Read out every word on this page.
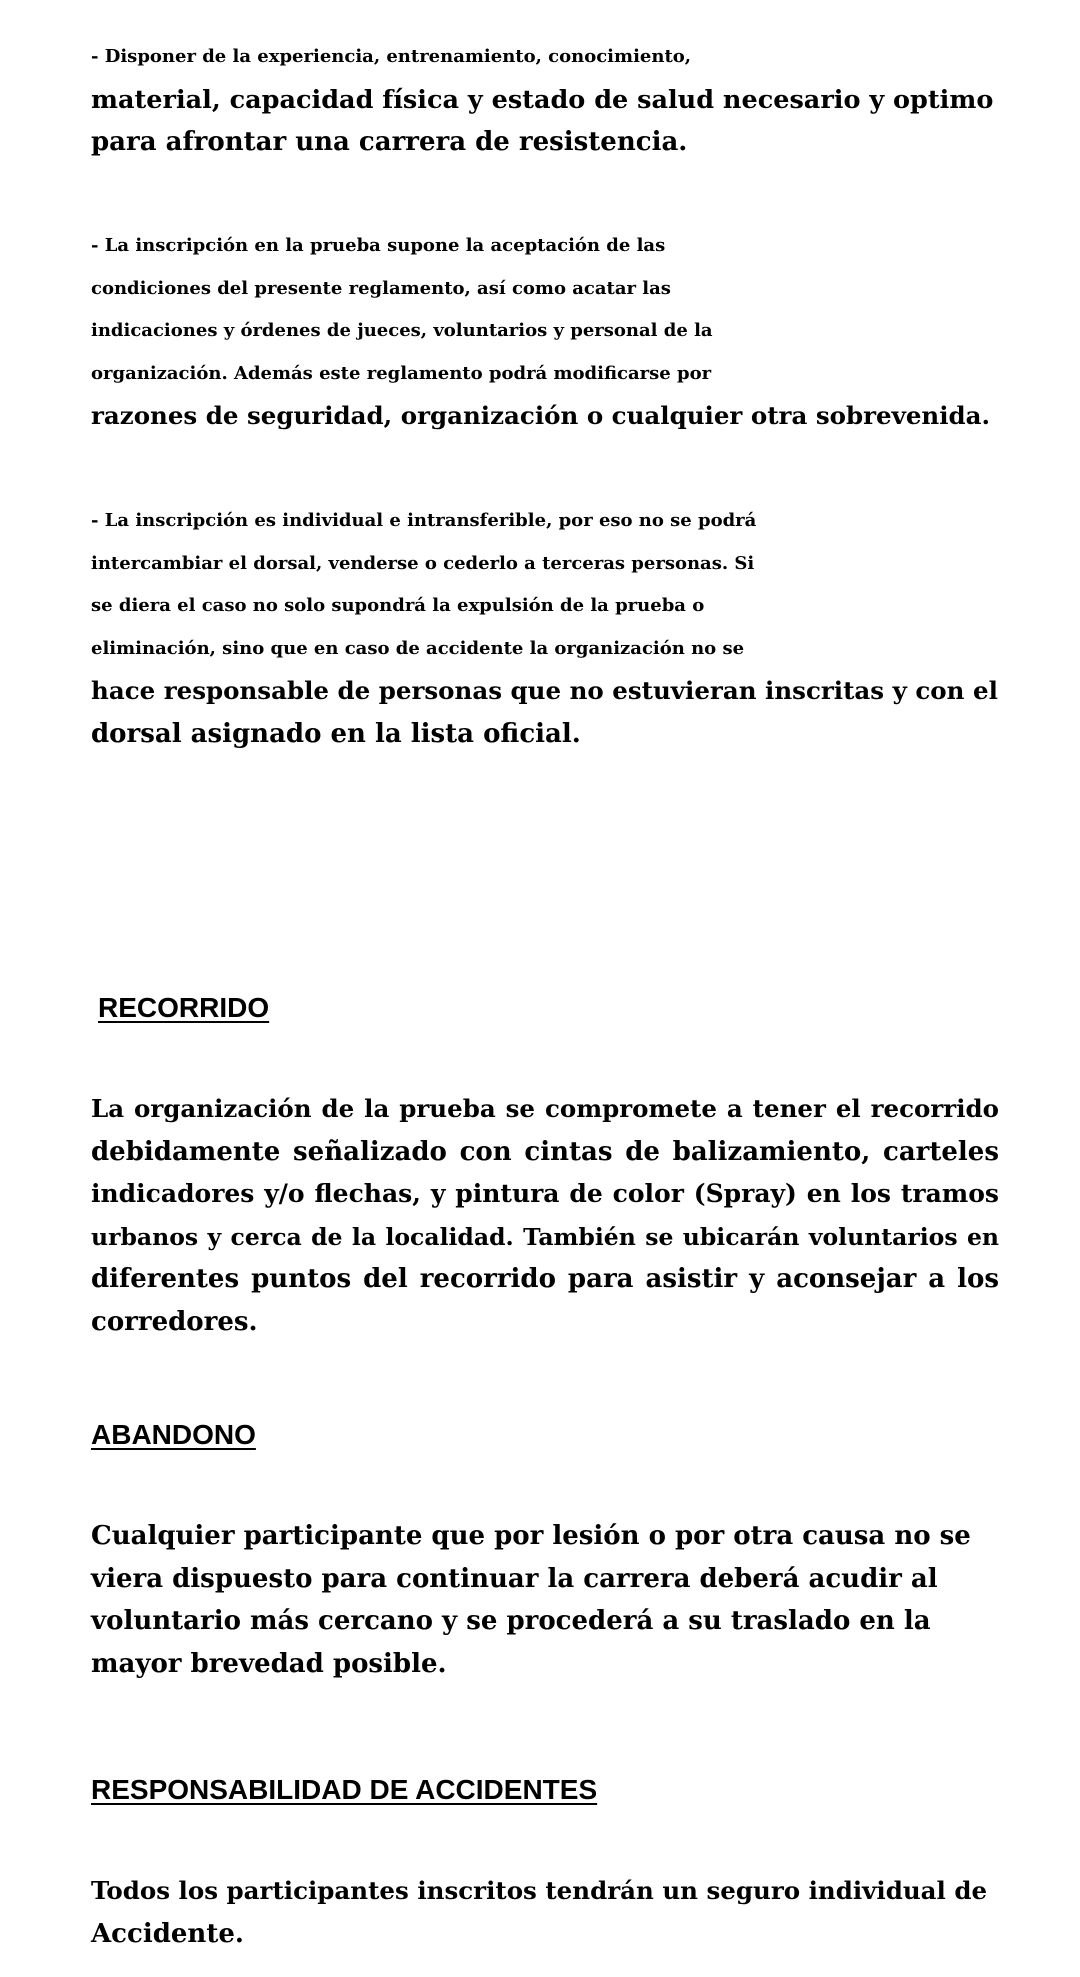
- Disponer de la experiencia, entrenamiento, conocimiento,
material, capacidad física y estado de salud necesario y optimo
para afrontar una carrera de resistencia.

- La inscripción en la prueba supone la aceptación de las
condiciones del presente reglamento, así como acatar las
indicaciones y órdenes de jueces, voluntarios y personal de la
organización. Además este reglamento podrá modificarse por
razones de seguridad, organización o cualquier otra sobrevenida.

- La inscripción es individual e intransferible, por eso no se podrá
intercambiar el dorsal, venderse o cederlo a terceras personas. Si
se diera el caso no solo supondrá la expulsión de la prueba o
eliminación, sino que en caso de accidente la organización no se
hace responsable de personas que no estuvieran inscritas y con el
dorsal asignado en la lista oficial.

RECORRIDO

La organización de la prueba se compromete a tener el recorrido
debidamente señalizado con cintas de balizamiento, carteles
indicadores y/o flechas, y pintura de color (Spray) en los tramos
urbanos y cerca de la localidad. También se ubicarán voluntarios en
diferentes puntos del recorrido para asistir y aconsejar a los
corredores.

ABANDONO

Cualquier participante que por lesión o por otra causa no se
viera dispuesto para continuar la carrera deberá acudir al
voluntario más cercano y se procederá a su traslado en la
mayor brevedad posible.

RESPONSABILIDAD DE ACCIDENTES

Todos los participantes inscritos tendrán un seguro individual de
Accidente.
